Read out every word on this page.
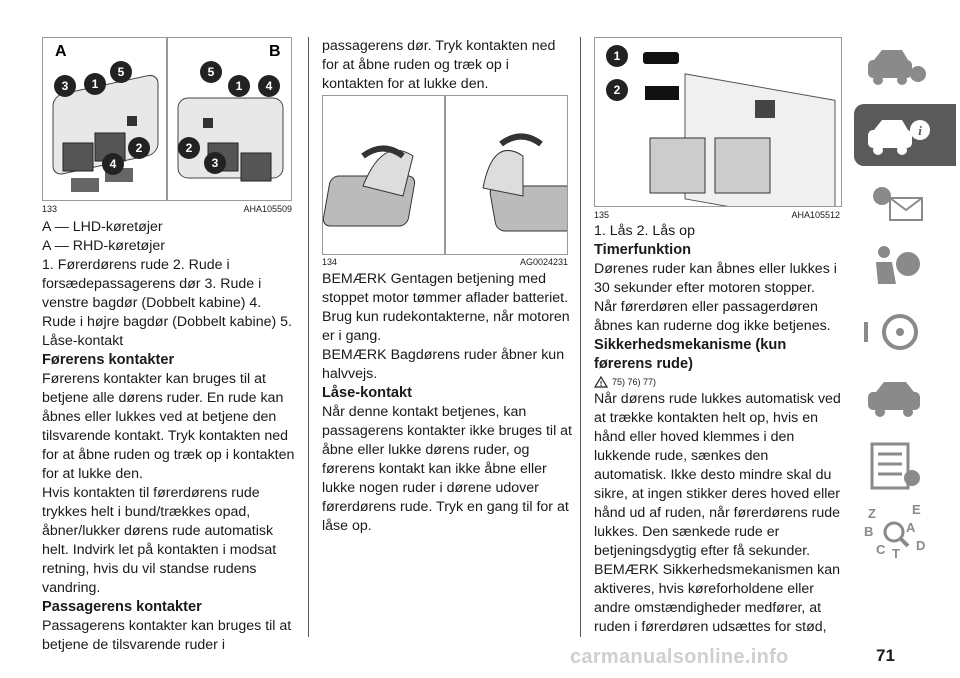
3 1
5
4
2
5
1 4
2
3
A	B
133	AHA105509

A — LHD-køretøjer

A — RHD-køretøjer

1. Førerdørens rude 2. Rude i forsædepassagerens dør 3. Rude i venstre bagdør (Dobbelt kabine) 4. Rude i højre bagdør (Dobbelt kabine) 5. Låse-kontakt

Førerens kontakter

Førerens kontakter kan bruges til at betjene alle dørens ruder. En rude kan åbnes eller lukkes ved at betjene den tilsvarende kontakt. Tryk kontakten ned for at åbne ruden og træk op i kontakten for at lukke den.

Hvis kontakten til førerdørens rude trykkes helt i bund/trækkes opad, åbner/lukker dørens rude automatisk helt. Indvirk let på kontakten i modsat retning, hvis du vil standse rudens vandring.

Passagerens kontakter

Passagerens kontakter kan bruges til at betjene de tilsvarende ruder i

passagerens dør. Tryk kontakten ned for at åbne ruden og træk op i kontakten for at lukke den.

134	AG0024231

BEMÆRK Gentagen betjening med stoppet motor tømmer aflader batteriet. Brug kun rudekontakterne, når motoren er i gang.

BEMÆRK Bagdørens ruder åbner kun halvvejs.

Låse-kontakt

Når denne kontakt betjenes, kan passagerens kontakter ikke bruges til at åbne eller lukke dørens ruder, og førerens kontakt kan ikke åbne eller lukke nogen ruder i dørene udover førerdørens rude. Tryk en gang til for at låse op.

1
2
135	AHA105512

1. Lås 2. Lås op

Timerfunktion

Dørenes ruder kan åbnes eller lukkes i 30 sekunder efter motoren stopper.

Når førerdøren eller passagerdøren åbnes kan ruderne dog ikke betjenes.

Sikkerhedsmekanisme (kun førerens rude)
! 75) 76) 77)

Når dørens rude lukkes automatisk ved at trække kontakten helt op, hvis en hånd eller hoved klemmes i den lukkende rude, sænkes den automatisk. Ikke desto mindre skal du sikre, at ingen stikker deres hoved eller hånd ud af ruden, når førerdørens rude lukkes. Den sænkede rude er betjeningsdygtig efter få sekunder.

BEMÆRK Sikkerhedsmekanismen kan aktiveres, hvis køreforholdene eller andre omstændigheder medfører, at ruden i førerdøren udsættes for stød,

i
Z	E
A
B
C T
D
71
carmanualsonline.info
